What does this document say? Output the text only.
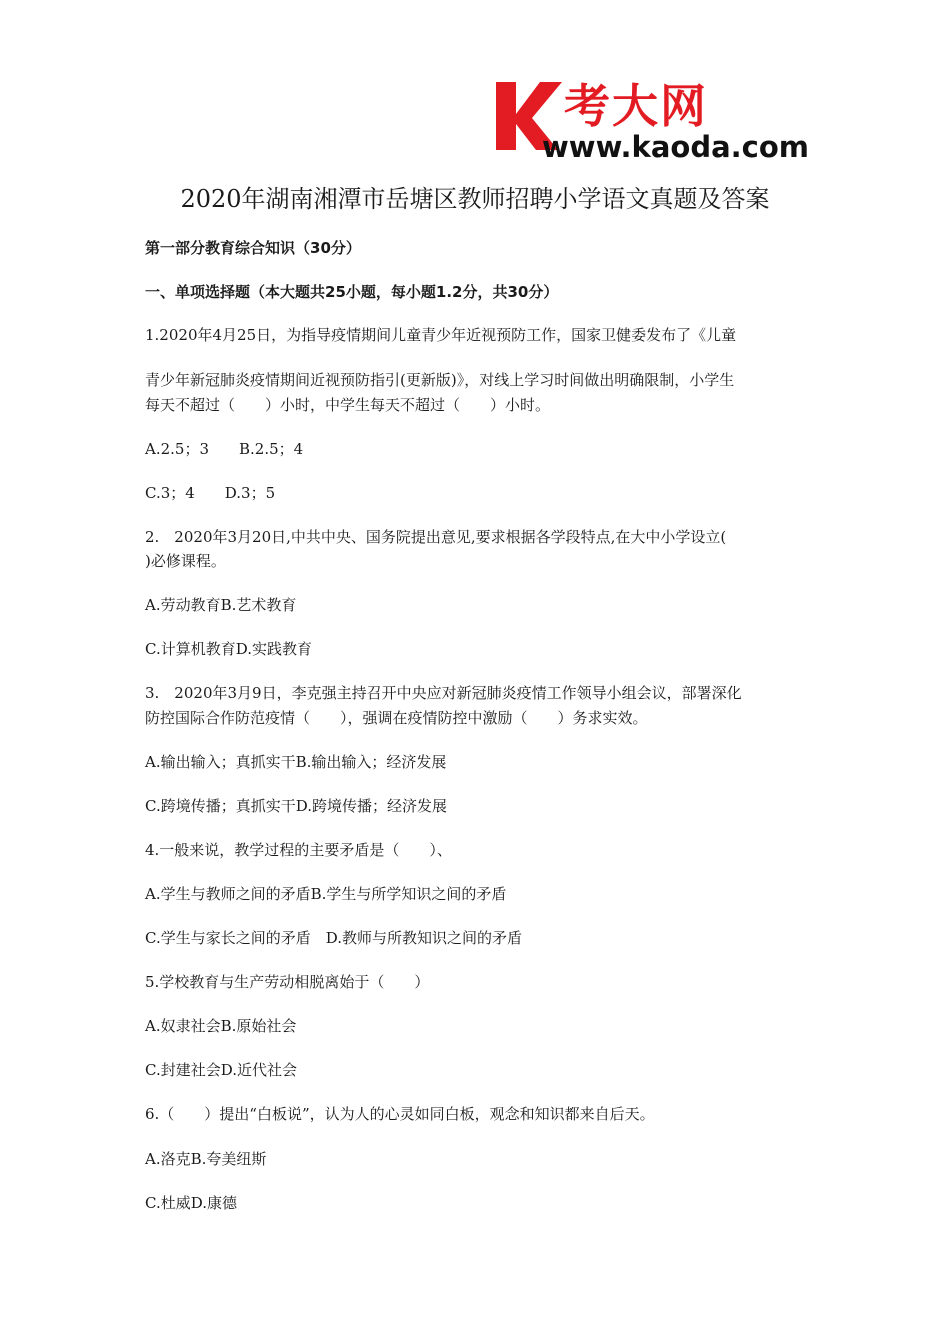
考大网
www.kaoda.com
2020年湖南湘潭市岳塘区教师招聘小学语文真题及答案
第一部分教育综合知识（30分）
一、单项选择题（本大题共25小题，每小题1.2分，共30分）
1.2020年4月25日，为指导疫情期间儿童青少年近视预防工作，国家卫健委发布了《儿童
青少年新冠肺炎疫情期间近视预防指引(更新版)》，对线上学习时间做出明确限制，小学生
每天不超过（　　）小时，中学生每天不超过（　　）小时。
A.2.5；3　　B.2.5；4
C.3；4　　D.3；5
2.　2020年3月20日,中共中央、国务院提出意见,要求根据各学段特点,在大中小学设立(
)必修课程。
A.劳动教育B.艺术教育
C.计算机教育D.实践教育
3.　2020年3月9日，李克强主持召开中央应对新冠肺炎疫情工作领导小组会议，部署深化
防控国际合作防范疫情（　　），强调在疫情防控中激励（　　）务求实效。
A.输出输入；真抓实干B.输出输入；经济发展
C.跨境传播；真抓实干D.跨境传播；经济发展
4.一般来说，教学过程的主要矛盾是（　　）、
A.学生与教师之间的矛盾B.学生与所学知识之间的矛盾
C.学生与家长之间的矛盾　D.教师与所教知识之间的矛盾
5.学校教育与生产劳动相脱离始于（　　）
A.奴隶社会B.原始社会
C.封建社会D.近代社会
6.（　　）提出“白板说”，认为人的心灵如同白板，观念和知识都来自后天。
A.洛克B.夸美纽斯
C.杜威D.康德
